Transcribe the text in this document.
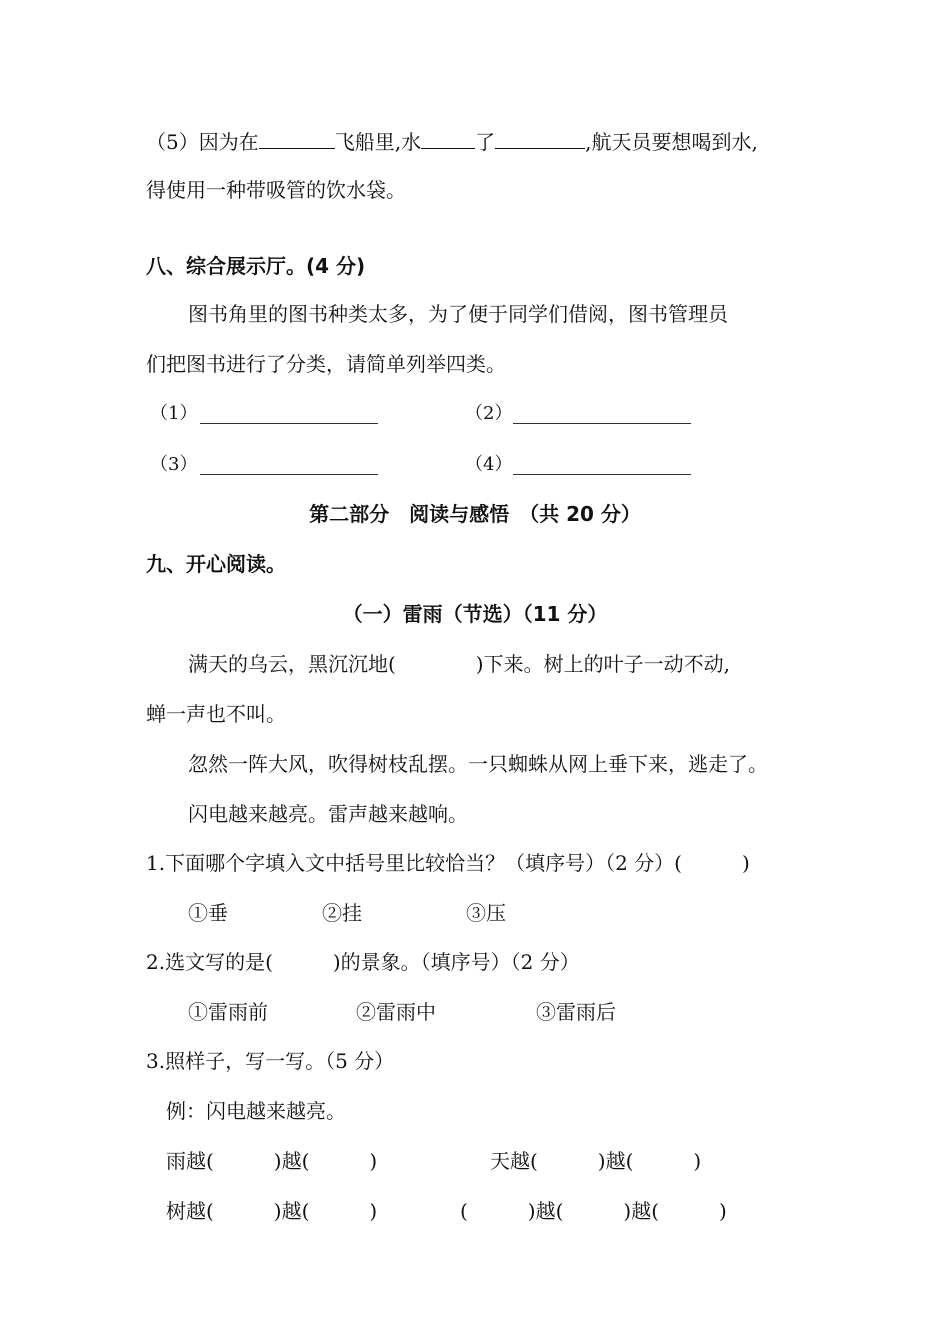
（5）因为在	飞船里,水	了	,航天员要想喝到水,
得使用一种带吸管的饮水袋。
八、综合展示厅。(4 分)
图书角里的图书种类太多，为了便于同学们借阅，图书管理员
们把图书进行了分类，请简单列举四类。
（1）	（2）
（3）	（4）
第二部分　阅读与感悟　（共 20 分）
九、开心阅读。
（一）雷雨（节选）（11 分）
满天的乌云，黑沉沉地(　　　　)下来。树上的叶子一动不动,
蝉一声也不叫。
忽然一阵大风，吹得树枝乱摆。一只蜘蛛从网上垂下来，逃走了。
闪电越来越亮。雷声越来越响。
1.下面哪个字填入文中括号里比较恰当？（填序号）（2 分）(　　　)
①垂	②挂	③压
2.选文写的是(　　　)的景象。（填序号）（2 分）
①雷雨前	②雷雨中	③雷雨后
3.照样子，写一写。（5 分）
例：闪电越来越亮。
雨越(　　　)越(　　　)	天越(　　　)越(　　　)
树越(　　　)越(　　　)	(　　　)越(　　　)越(　　　)
